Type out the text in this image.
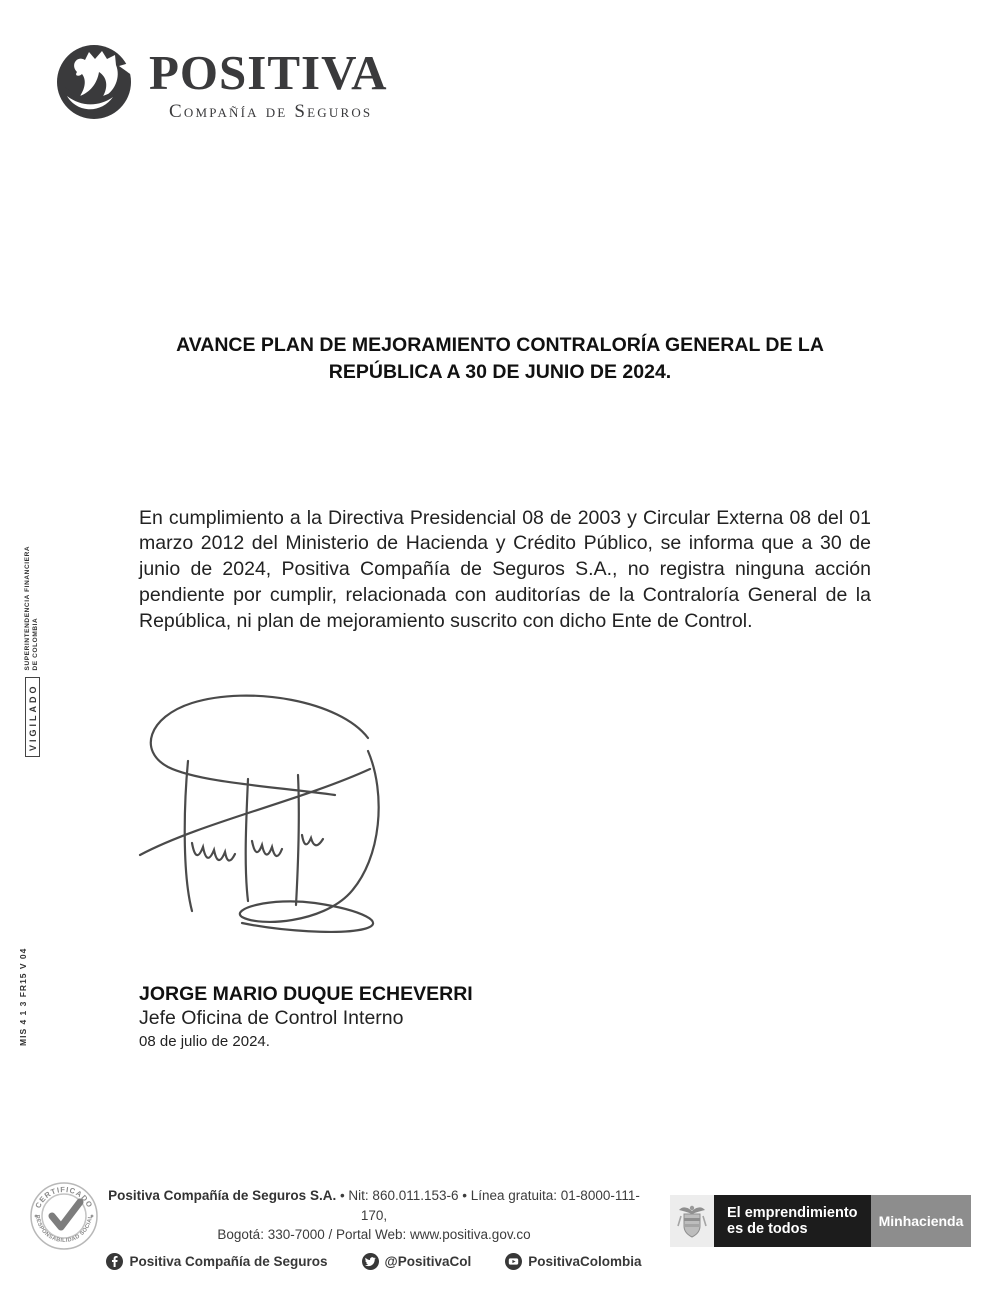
POSITIVA
Compañía de Seguros
AVANCE PLAN DE MEJORAMIENTO CONTRALORÍA GENERAL DE LA
REPÚBLICA A 30 DE JUNIO DE 2024.

En cumplimiento a la Directiva Presidencial 08 de 2003 y Circular Externa 08 del 01 marzo 2012 del Ministerio de Hacienda y Crédito Público, se informa que a 30 de junio de 2024, Positiva Compañía de Seguros S.A., no registra ninguna acción pendiente por cumplir, relacionada con auditorías de la Contraloría General de la República, ni plan de mejoramiento suscrito con dicho Ente de Control.

VIGILADO
SUPERINTENDENCIA FINANCIERA DE COLOMBIA
MIS 4 1 3 FR15 V 04	JORGE MARIO DUQUE ECHEVERRI
Jefe Oficina de Control Interno
08 de julio de 2024.
CERTIFICADO
RESPONSABILIDAD SOCIAL
Positiva Compañía de Seguros S.A. • Nit: 860.011.153-6 • Línea gratuita: 01-8000-111-170,
Bogotá: 330-7000 / Portal Web: www.positiva.gov.co
Positiva Compañía de Seguros	@PositivaCol	PositivaColombia
El emprendimiento
es de todos	Minhacienda
